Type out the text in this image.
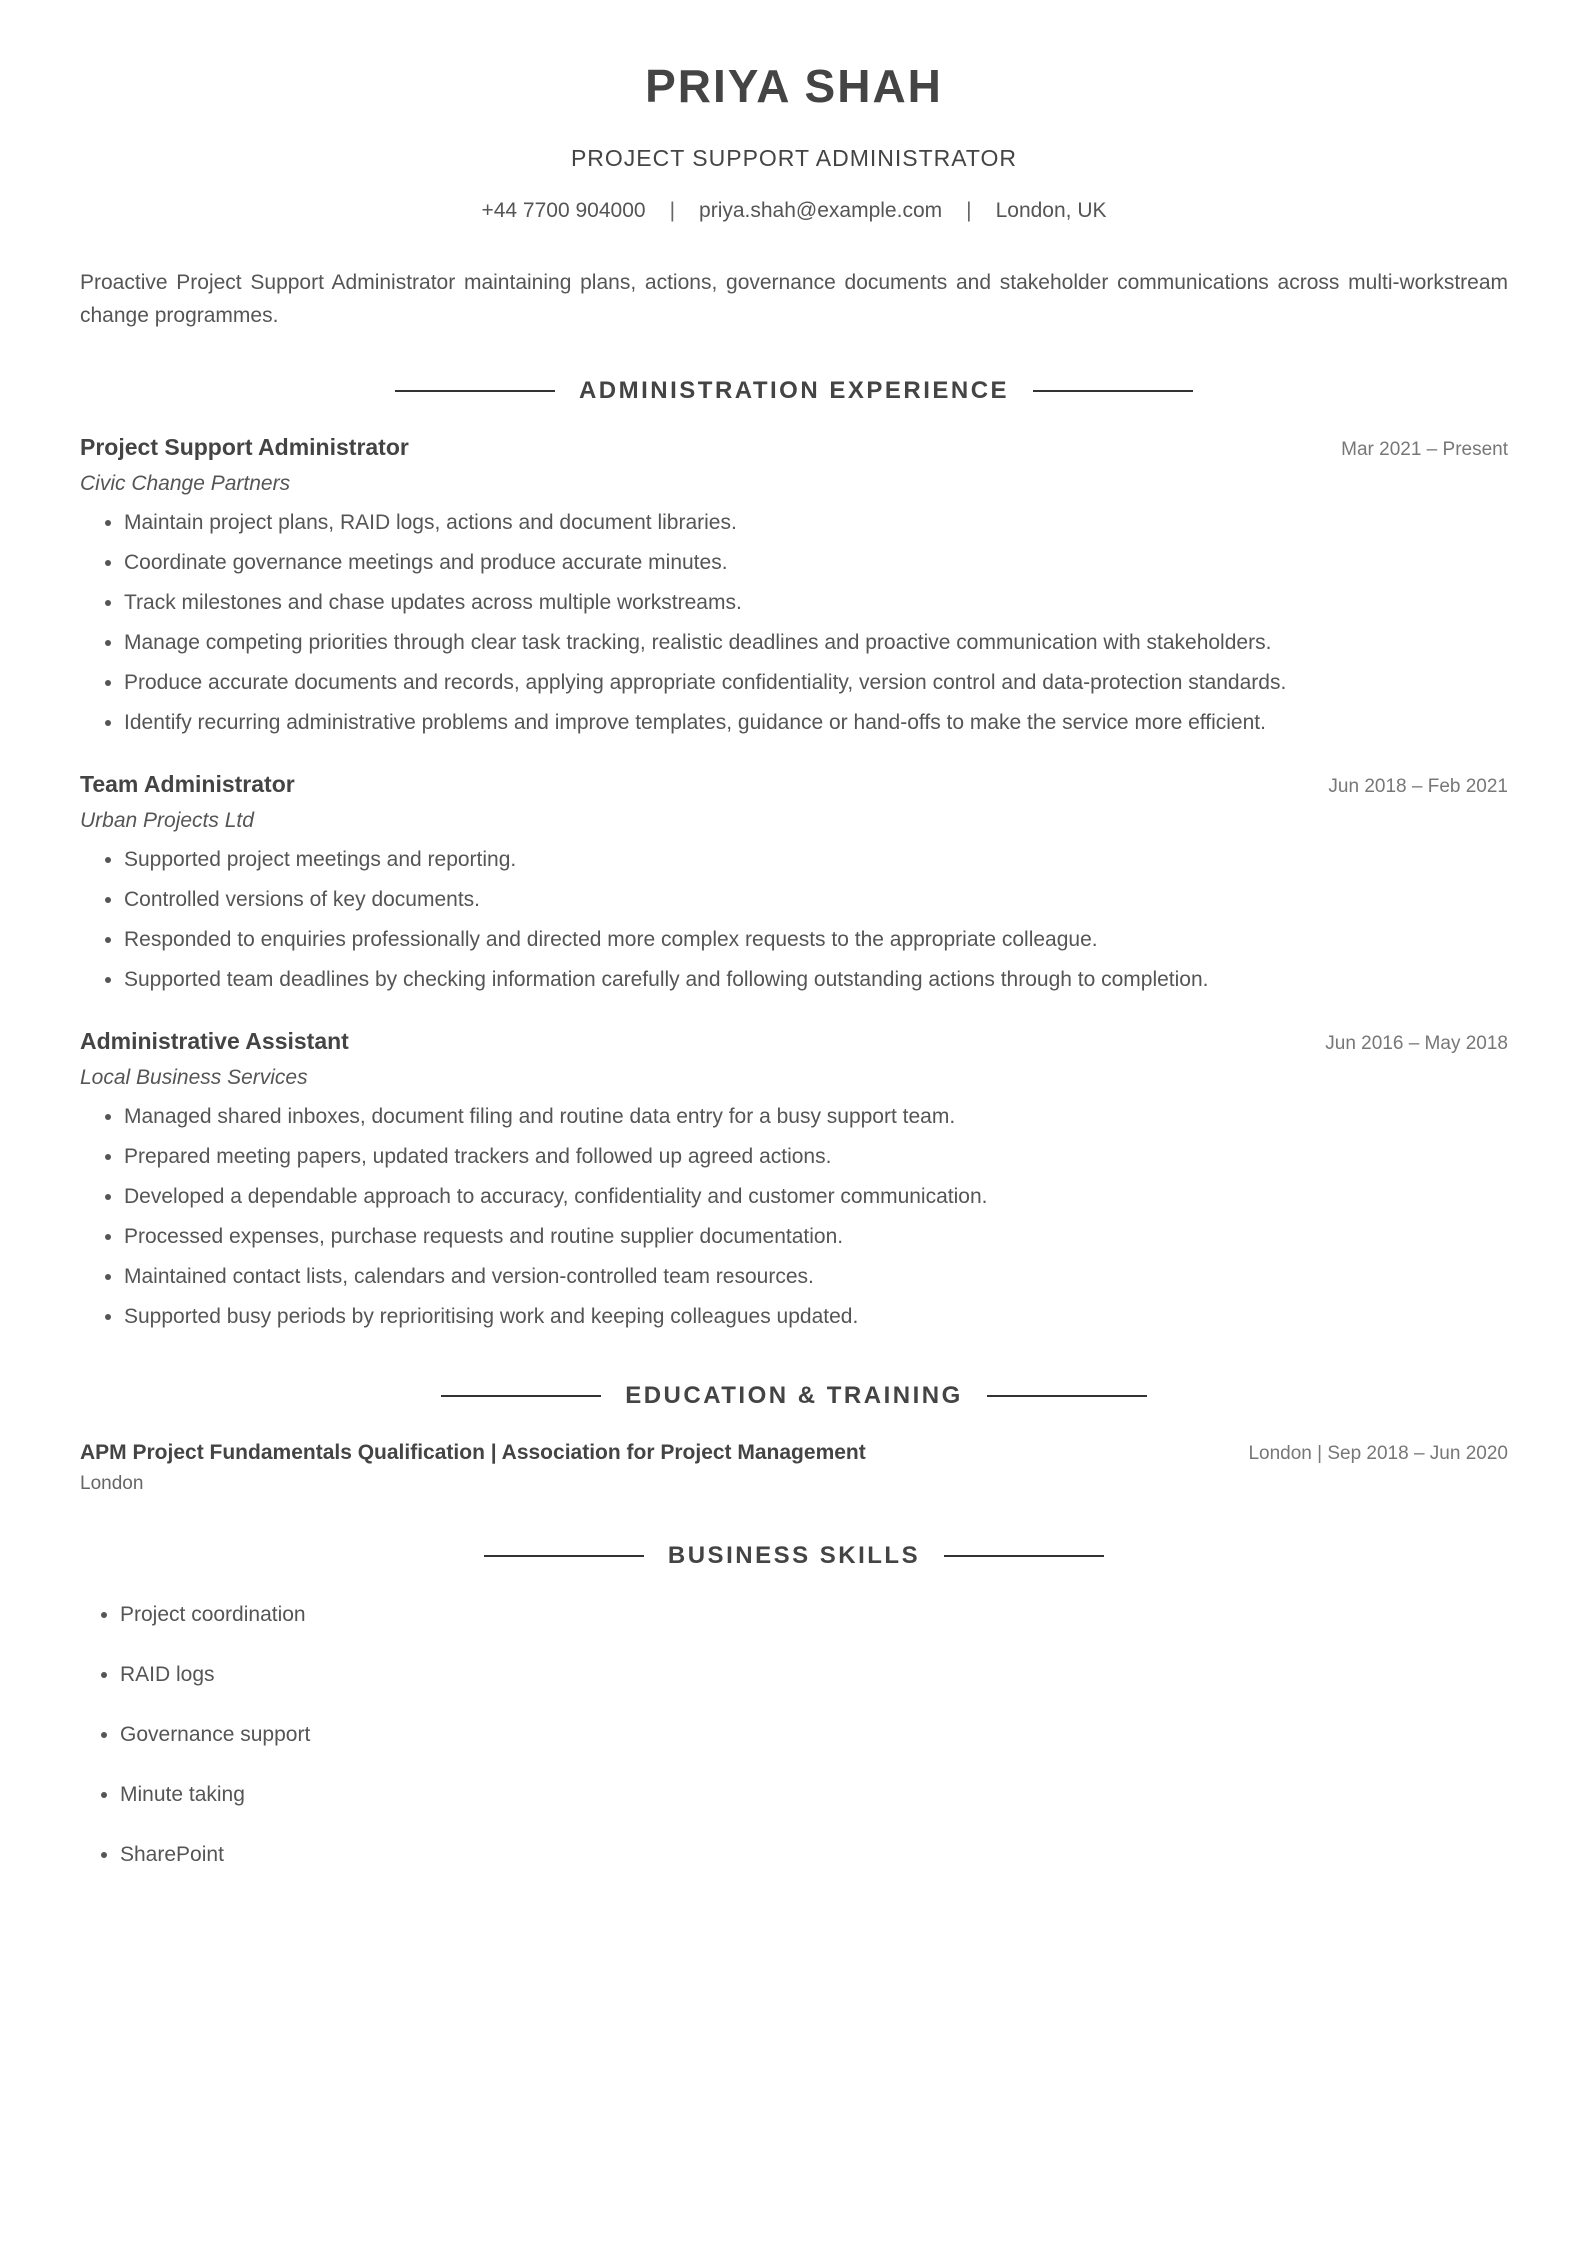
PRIYA SHAH
PROJECT SUPPORT ADMINISTRATOR
+44 7700 904000 | priya.shah@example.com | London, UK

Proactive Project Support Administrator maintaining plans, actions, governance documents and stakeholder communications across multi-workstream change programmes.

ADMINISTRATION EXPERIENCE
Project Support Administrator	Mar 2021 – Present
Civic Change Partners
• Maintain project plans, RAID logs, actions and document libraries.
• Coordinate governance meetings and produce accurate minutes.
• Track milestones and chase updates across multiple workstreams.
• Manage competing priorities through clear task tracking, realistic deadlines and proactive communication with stakeholders.
• Produce accurate documents and records, applying appropriate confidentiality, version control and data-protection standards.
• Identify recurring administrative problems and improve templates, guidance or hand-offs to make the service more efficient.
Team Administrator	Jun 2018 – Feb 2021
Urban Projects Ltd
• Supported project meetings and reporting.
• Controlled versions of key documents.
• Responded to enquiries professionally and directed more complex requests to the appropriate colleague.
• Supported team deadlines by checking information carefully and following outstanding actions through to completion.
Administrative Assistant	Jun 2016 – May 2018
Local Business Services
• Managed shared inboxes, document filing and routine data entry for a busy support team.
• Prepared meeting papers, updated trackers and followed up agreed actions.
• Developed a dependable approach to accuracy, confidentiality and customer communication.
• Processed expenses, purchase requests and routine supplier documentation.
• Maintained contact lists, calendars and version-controlled team resources.
• Supported busy periods by reprioritising work and keeping colleagues updated.
EDUCATION & TRAINING
APM Project Fundamentals Qualification | Association for Project Management	London | Sep 2018 – Jun 2020
London
BUSINESS SKILLS
• Project coordination
• RAID logs
• Governance support
• Minute taking
• SharePoint
